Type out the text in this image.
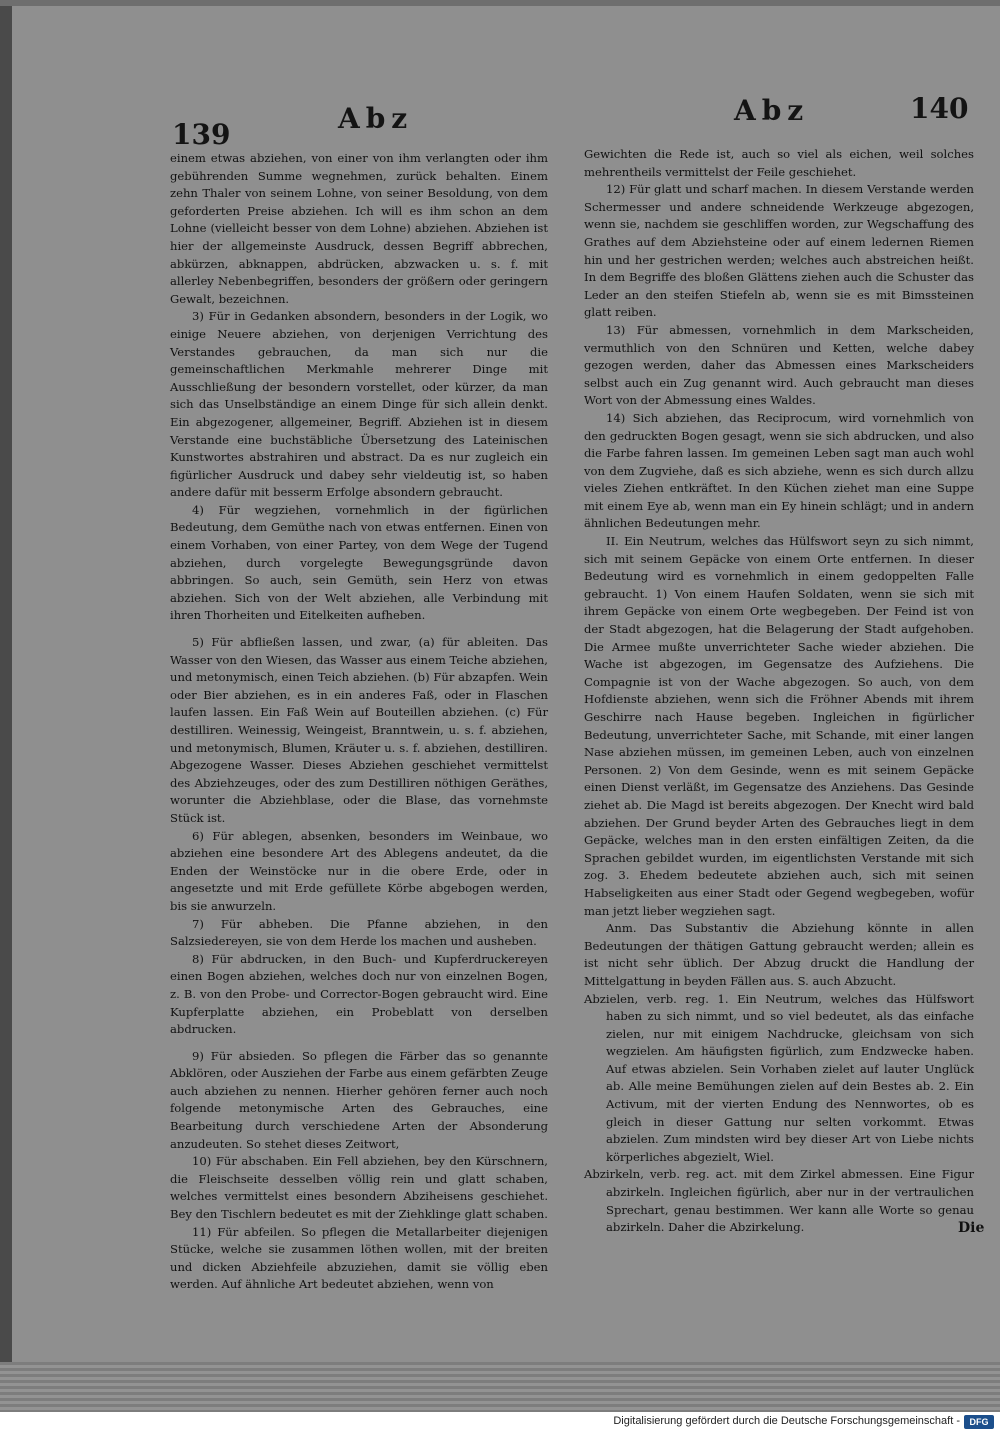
139	Abz	Abz	140

einem etwas abziehen, von einer von ihm verlangten oder ihm gebührenden Summe wegnehmen, zurück behalten. Einem zehn Thaler von seinem Lohne, von seiner Besoldung, von dem geforderten Preise abziehen. Ich will es ihm schon an dem Lohne (vielleicht besser von dem Lohne) abziehen. Abziehen ist hier der allgemeinste Ausdruck, dessen Begriff abbrechen, abkürzen, abknappen, abdrücken, abzwacken u. s. f. mit allerley Nebenbegriffen, besonders der größern oder geringern Gewalt, bezeichnen.

3) Für in Gedanken absondern, besonders in der Logik, wo einige Neuere abziehen, von derjenigen Verrichtung des Verstandes gebrauchen, da man sich nur die gemeinschaftlichen Merkmahle mehrerer Dinge mit Ausschließung der besondern vorstellet, oder kürzer, da man sich das Unselbständige an einem Dinge für sich allein denkt. Ein abgezogener, allgemeiner, Begriff. Abziehen ist in diesem Verstande eine buchstäbliche Übersetzung des Lateinischen Kunstwortes abstrahiren und abstract. Da es nur zugleich ein figürlicher Ausdruck und dabey sehr vieldeutig ist, so haben andere dafür mit besserm Erfolge absondern gebraucht.

4) Für wegziehen, vornehmlich in der figürlichen Bedeutung, dem Gemüthe nach von etwas entfernen. Einen von einem Vorhaben, von einer Partey, von dem Wege der Tugend abziehen, durch vorgelegte Bewegungsgründe davon abbringen. So auch, sein Gemüth, sein Herz von etwas abziehen. Sich von der Welt abziehen, alle Verbindung mit ihren Thorheiten und Eitelkeiten aufheben.

5) Für abfließen lassen, und zwar, (a) für ableiten. Das Wasser von den Wiesen, das Wasser aus einem Teiche abziehen, und metonymisch, einen Teich abziehen. (b) Für abzapfen. Wein oder Bier abziehen, es in ein anderes Faß, oder in Flaschen laufen lassen. Ein Faß Wein auf Bouteillen abziehen. (c) Für destilliren. Weinessig, Weingeist, Branntwein, u. s. f. abziehen, und metonymisch, Blumen, Kräuter u. s. f. abziehen, destilliren. Abgezogene Wasser. Dieses Abziehen geschiehet vermittelst des Abziehzeuges, oder des zum Destilliren nöthigen Geräthes, worunter die Abziehblase, oder die Blase, das vornehmste Stück ist.

6) Für ablegen, absenken, besonders im Weinbaue, wo abziehen eine besondere Art des Ablegens andeutet, da die Enden der Weinstöcke nur in die obere Erde, oder in angesetzte und mit Erde gefüllete Körbe abgebogen werden, bis sie anwurzeln.

7) Für abheben. Die Pfanne abziehen, in den Salzsiedereyen, sie von dem Herde los machen und ausheben.

8) Für abdrucken, in den Buch- und Kupferdruckereyen einen Bogen abziehen, welches doch nur von einzelnen Bogen, z. B. von den Probe- und Corrector-Bogen gebraucht wird. Eine Kupferplatte abziehen, ein Probeblatt von derselben abdrucken.

9) Für absieden. So pflegen die Färber das so genannte Abklören, oder Ausziehen der Farbe aus einem gefärbten Zeuge auch abziehen zu nennen. Hierher gehören ferner auch noch folgende metonymische Arten des Gebrauches, eine Bearbeitung durch verschiedene Arten der Absonderung anzudeuten. So stehet dieses Zeitwort,

10) Für abschaben. Ein Fell abziehen, bey den Kürschnern, die Fleischseite desselben völlig rein und glatt schaben, welches vermittelst eines besondern Abziheisens geschiehet. Bey den Tischlern bedeutet es mit der Ziehklinge glatt schaben.

11) Für abfeilen. So pflegen die Metallarbeiter diejenigen Stücke, welche sie zusammen löthen wollen, mit der breiten und dicken Abziehfeile abzuziehen, damit sie völlig eben werden. Auf ähnliche Art bedeutet abziehen, wenn von

Gewichten die Rede ist, auch so viel als eichen, weil solches mehrentheils vermittelst der Feile geschiehet.

12) Für glatt und scharf machen. In diesem Verstande werden Schermesser und andere schneidende Werkzeuge abgezogen, wenn sie, nachdem sie geschliffen worden, zur Wegschaffung des Grathes auf dem Abziehsteine oder auf einem ledernen Riemen hin und her gestrichen werden; welches auch abstreichen heißt. In dem Begriffe des bloßen Glättens ziehen auch die Schuster das Leder an den steifen Stiefeln ab, wenn sie es mit Bimssteinen glatt reiben.

13) Für abmessen, vornehmlich in dem Markscheiden, vermuthlich von den Schnüren und Ketten, welche dabey gezogen werden, daher das Abmessen eines Markscheiders selbst auch ein Zug genannt wird. Auch gebraucht man dieses Wort von der Abmessung eines Waldes.

14) Sich abziehen, das Reciprocum, wird vornehmlich von den gedruckten Bogen gesagt, wenn sie sich abdrucken, und also die Farbe fahren lassen. Im gemeinen Leben sagt man auch wohl von dem Zugviehe, daß es sich abziehe, wenn es sich durch allzu vieles Ziehen entkräftet. In den Küchen ziehet man eine Suppe mit einem Eye ab, wenn man ein Ey hinein schlägt; und in andern ähnlichen Bedeutungen mehr.

II. Ein Neutrum, welches das Hülfswort seyn zu sich nimmt, sich mit seinem Gepäcke von einem Orte entfernen. In dieser Bedeutung wird es vornehmlich in einem gedoppelten Falle gebraucht. 1) Von einem Haufen Soldaten, wenn sie sich mit ihrem Gepäcke von einem Orte wegbegeben. Der Feind ist von der Stadt abgezogen, hat die Belagerung der Stadt aufgehoben. Die Armee mußte unverrichteter Sache wieder abziehen. Die Wache ist abgezogen, im Gegensatze des Aufziehens. Die Compagnie ist von der Wache abgezogen. So auch, von dem Hofdienste abziehen, wenn sich die Fröhner Abends mit ihrem Geschirre nach Hause begeben. Ingleichen in figürlicher Bedeutung, unverrichteter Sache, mit Schande, mit einer langen Nase abziehen müssen, im gemeinen Leben, auch von einzelnen Personen. 2) Von dem Gesinde, wenn es mit seinem Gepäcke einen Dienst verläßt, im Gegensatze des Anziehens. Das Gesinde ziehet ab. Die Magd ist bereits abgezogen. Der Knecht wird bald abziehen. Der Grund beyder Arten des Gebrauches liegt in dem Gepäcke, welches man in den ersten einfältigen Zeiten, da die Sprachen gebildet wurden, im eigentlichsten Verstande mit sich zog. 3. Ehedem bedeutete abziehen auch, sich mit seinen Habseligkeiten aus einer Stadt oder Gegend wegbegeben, wofür man jetzt lieber wegziehen sagt.

Anm. Das Substantiv die Abziehung könnte in allen Bedeutungen der thätigen Gattung gebraucht werden; allein es ist nicht sehr üblich. Der Abzug druckt die Handlung der Mittelgattung in beyden Fällen aus. S. auch Abzucht.

Abzielen, verb. reg. 1. Ein Neutrum, welches das Hülfswort haben zu sich nimmt, und so viel bedeutet, als das einfache zielen, nur mit einigem Nachdrucke, gleichsam von sich wegzielen. Am häufigsten figürlich, zum Endzwecke haben. Auf etwas abzielen. Sein Vorhaben zielet auf lauter Unglück ab. Alle meine Bemühungen zielen auf dein Bestes ab. 2. Ein Activum, mit der vierten Endung des Nennwortes, ob es gleich in dieser Gattung nur selten vorkommt. Etwas abzielen. Zum mindsten wird bey dieser Art von Liebe nichts körperliches abgezielt, Wiel.

Abzirkeln, verb. reg. act. mit dem Zirkel abmessen. Eine Figur abzirkeln. Ingleichen figürlich, aber nur in der vertraulichen Sprechart, genau bestimmen. Wer kann alle Worte so genau abzirkeln. Daher die Abzirkelung.	Die
Digitalisierung gefördert durch die Deutsche Forschungsgemeinschaft -	DFG
